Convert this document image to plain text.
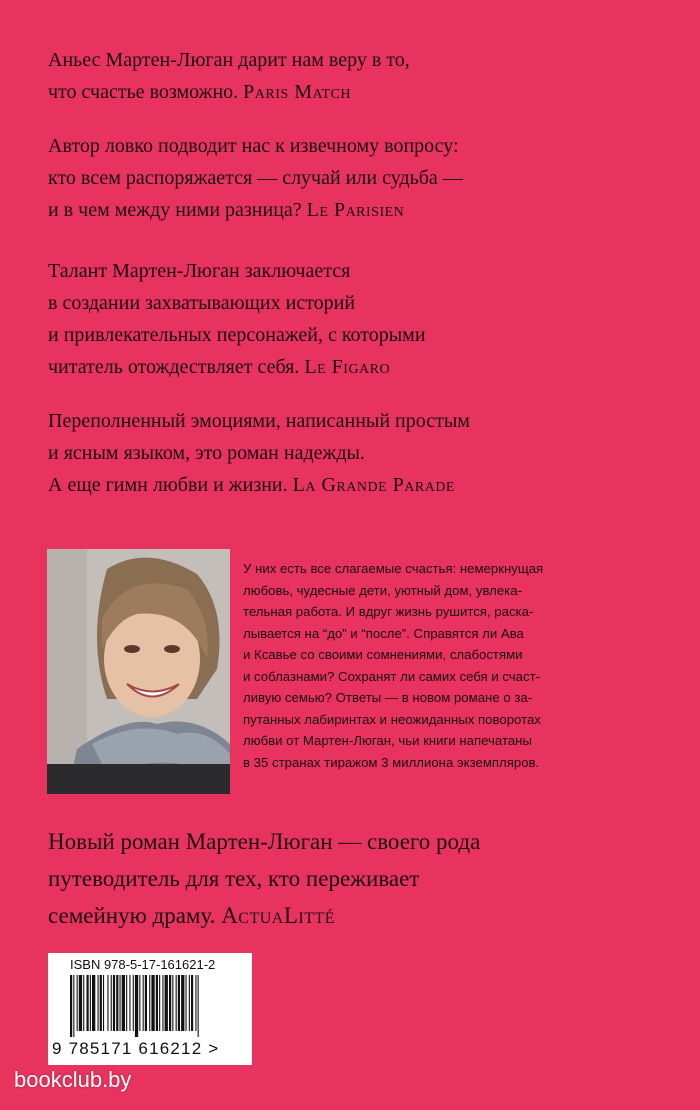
Аньес Мартен-Люган дарит нам веру в то,
что счастье возможно. Paris Match
Автор ловко подводит нас к извечному вопросу:
кто всем распоряжается — случай или судьба —
и в чем между ними разница? Le Parisien
Талант Мартен-Люган заключается
в создании захватывающих историй
и привлекательных персонажей, с которыми
читатель отождествляет себя. Le Figaro
Переполненный эмоциями, написанный простым
и ясным языком, это роман надежды.
А еще гимн любви и жизни. La Grande Parade
У них есть все слагаемые счастья: немеркнущая
любовь, чудесные дети, уютный дом, увлека-
тельная работа. И вдруг жизнь рушится, раска-
лывается на “до” и “после”. Справятся ли Ава
и Ксавье со своими сомнениями, слабостями
и соблазнами? Сохранят ли самих себя и счаст-
ливую семью? Ответы — в новом романе о за-
путанных лабиринтах и неожиданных поворотах
любви от Мартен-Люган, чьи книги напечатаны
в 35 странах тиражом 3 миллиона экземпляров.
Новый роман Мартен-Люган — своего рода
путеводитель для тех, кто переживает
семейную драму. ActuaLitté
ISBN 978-5-17-161621-2
9 785171 616212 >
bookclub.by
